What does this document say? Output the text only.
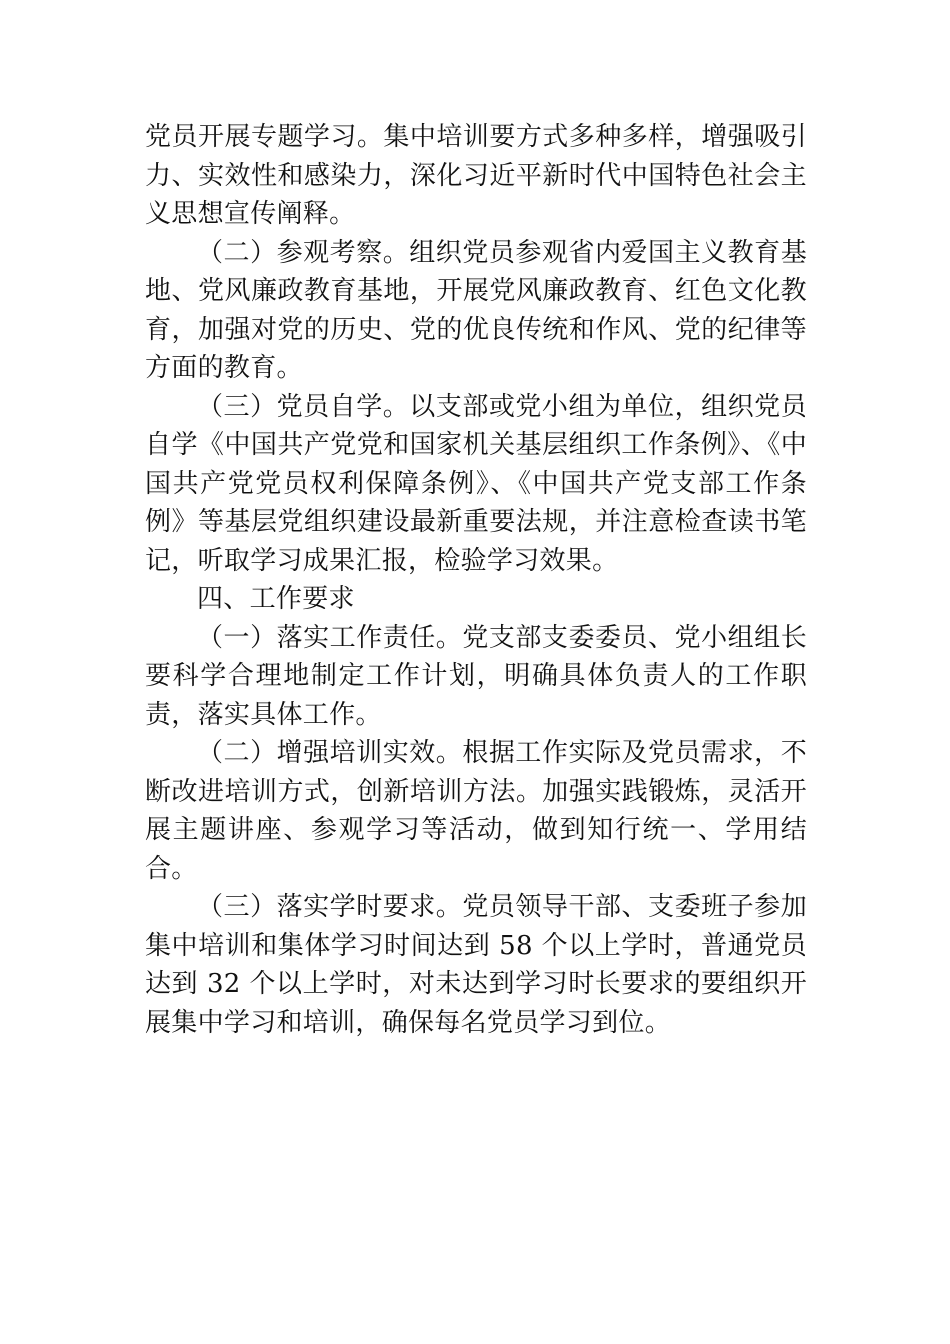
党员开展专题学习。集中培训要方式多种多样，增强吸引力、实效性和感染力，深化习近平新时代中国特色社会主义思想宣传阐释。

（二）参观考察。组织党员参观省内爱国主义教育基地、党风廉政教育基地，开展党风廉政教育、红色文化教育，加强对党的历史、党的优良传统和作风、党的纪律等方面的教育。

（三）党员自学。以支部或党小组为单位，组织党员自学《中国共产党党和国家机关基层组织工作条例》、《中国共产党党员权利保障条例》、《中国共产党支部工作条例》等基层党组织建设最新重要法规，并注意检查读书笔记，听取学习成果汇报，检验学习效果。

四、工作要求

（一）落实工作责任。党支部支委委员、党小组组长要科学合理地制定工作计划，明确具体负责人的工作职责，落实具体工作。

（二）增强培训实效。根据工作实际及党员需求，不断改进培训方式，创新培训方法。加强实践锻炼，灵活开展主题讲座、参观学习等活动，做到知行统一、学用结合。

（三）落实学时要求。党员领导干部、支委班子参加集中培训和集体学习时间达到 58 个以上学时，普通党员达到 32 个以上学时，对未达到学习时长要求的要组织开展集中学习和培训，确保每名党员学习到位。
